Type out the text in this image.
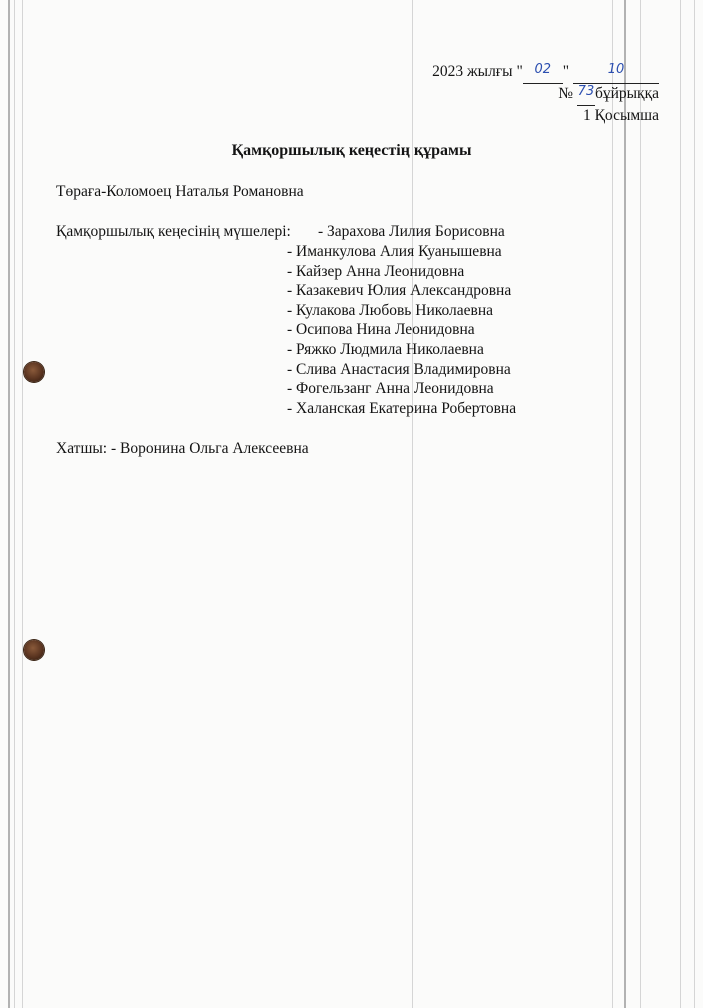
2023 жылғы " 02 "	10
№ 73бұйрыққа
1 Қосымша
Қамқоршылық кеңестің құрамы
Төраға-Коломоец Наталья Романовна
Қамқоршылық кеңесінің мүшелері: - Зарахова Лилия Борисовна
- Иманкулова Алия Куанышевна
- Кайзер Анна Леонидовна
- Казакевич Юлия Александровна
- Кулакова Любовь Николаевна
- Осипова Нина Леонидовна
- Ряжко Людмила Николаевна
- Слива Анастасия Владимировна
- Фогельзанг Анна Леонидовна
- Халанская Екатерина Робертовна
Хатшы: - Воронина Ольга Алексеевна
